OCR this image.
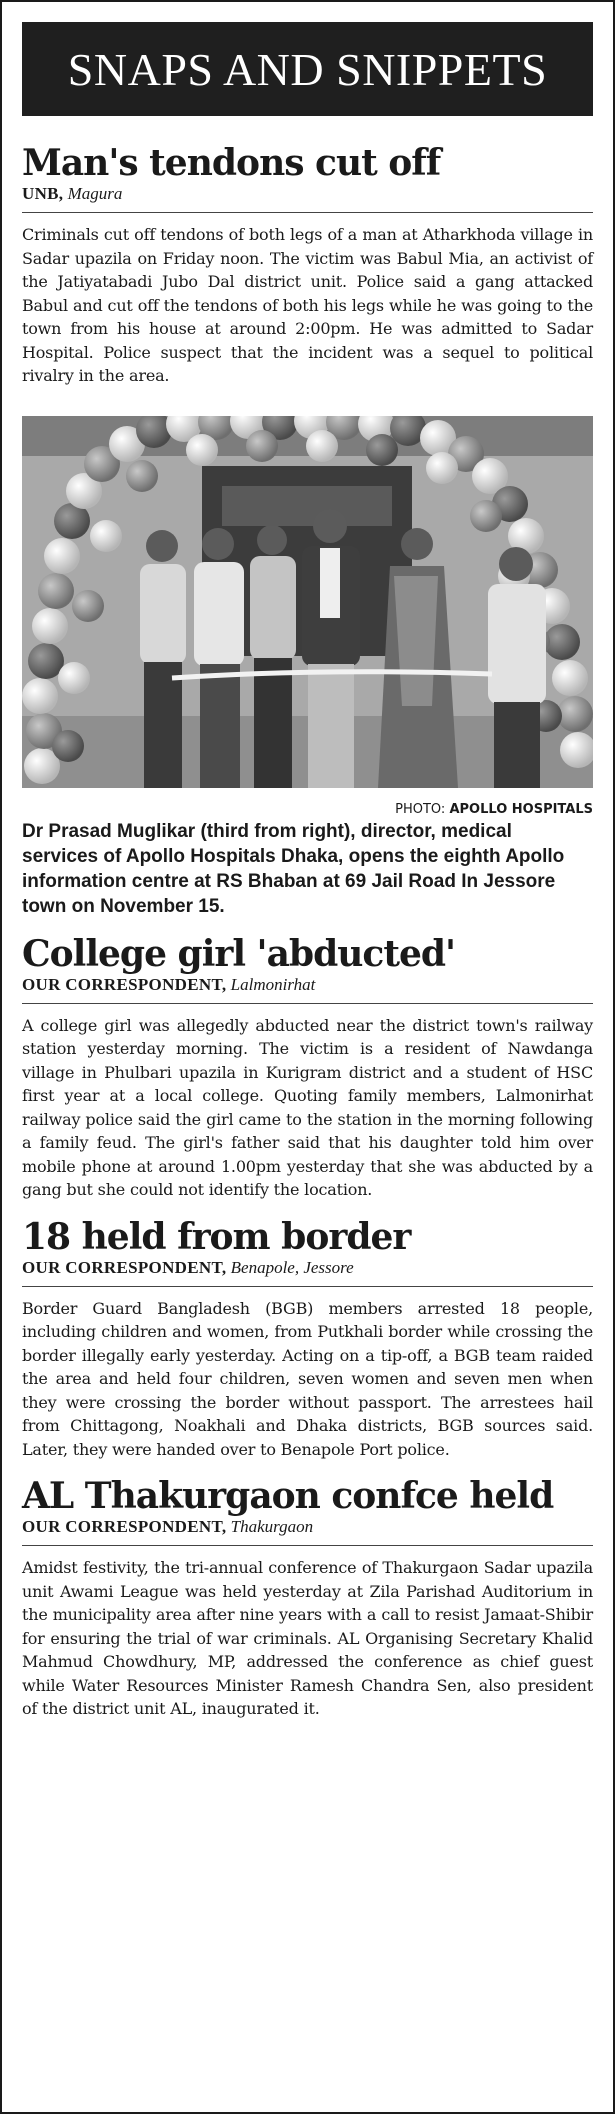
SNAPS AND SNIPPETS
Man's tendons cut off
UNB, Magura

Criminals cut off tendons of both legs of a man at Atharkhoda village in Sadar upazila on Friday noon. The victim was Babul Mia, an activist of the Jatiyatabadi Jubo Dal district unit. Police said a gang attacked Babul and cut off the tendons of both his legs while he was going to the town from his house at around 2:00pm. He was admitted to Sadar Hospital. Police suspect that the incident was a sequel to political rivalry in the area.

PHOTO: APOLLO HOSPITALS
Dr Prasad Muglikar (third from right), director, medical services of Apollo Hospitals Dhaka, opens the eighth Apollo information centre at RS Bhaban at 69 Jail Road In Jessore town on November 15.
College girl 'abducted'
OUR CORRESPONDENT, Lalmonirhat

A college girl was allegedly abducted near the district town's railway station yesterday morning. The victim is a resident of Nawdanga village in Phulbari upazila in Kurigram district and a student of HSC first year at a local college. Quoting family members, Lalmonirhat railway police said the girl came to the station in the morning following a family feud. The girl's father said that his daughter told him over mobile phone at around 1.00pm yesterday that she was abducted by a gang but she could not identify the location.

18 held from border
OUR CORRESPONDENT, Benapole, Jessore

Border Guard Bangladesh (BGB) members arrested 18 people, including children and women, from Putkhali border while crossing the border illegally early yesterday. Acting on a tip-off, a BGB team raided the area and held four children, seven women and seven men when they were crossing the border without passport. The arrestees hail from Chittagong, Noakhali and Dhaka districts, BGB sources said. Later, they were handed over to Benapole Port police.

AL Thakurgaon confce held
OUR CORRESPONDENT, Thakurgaon

Amidst festivity, the tri-annual conference of Thakurgaon Sadar upazila unit Awami League was held yesterday at Zila Parishad Auditorium in the municipality area after nine years with a call to resist Jamaat-Shibir for ensuring the trial of war criminals. AL Organising Secretary Khalid Mahmud Chowdhury, MP, addressed the conference as chief guest while Water Resources Minister Ramesh Chandra Sen, also president of the district unit AL, inaugurated it.
